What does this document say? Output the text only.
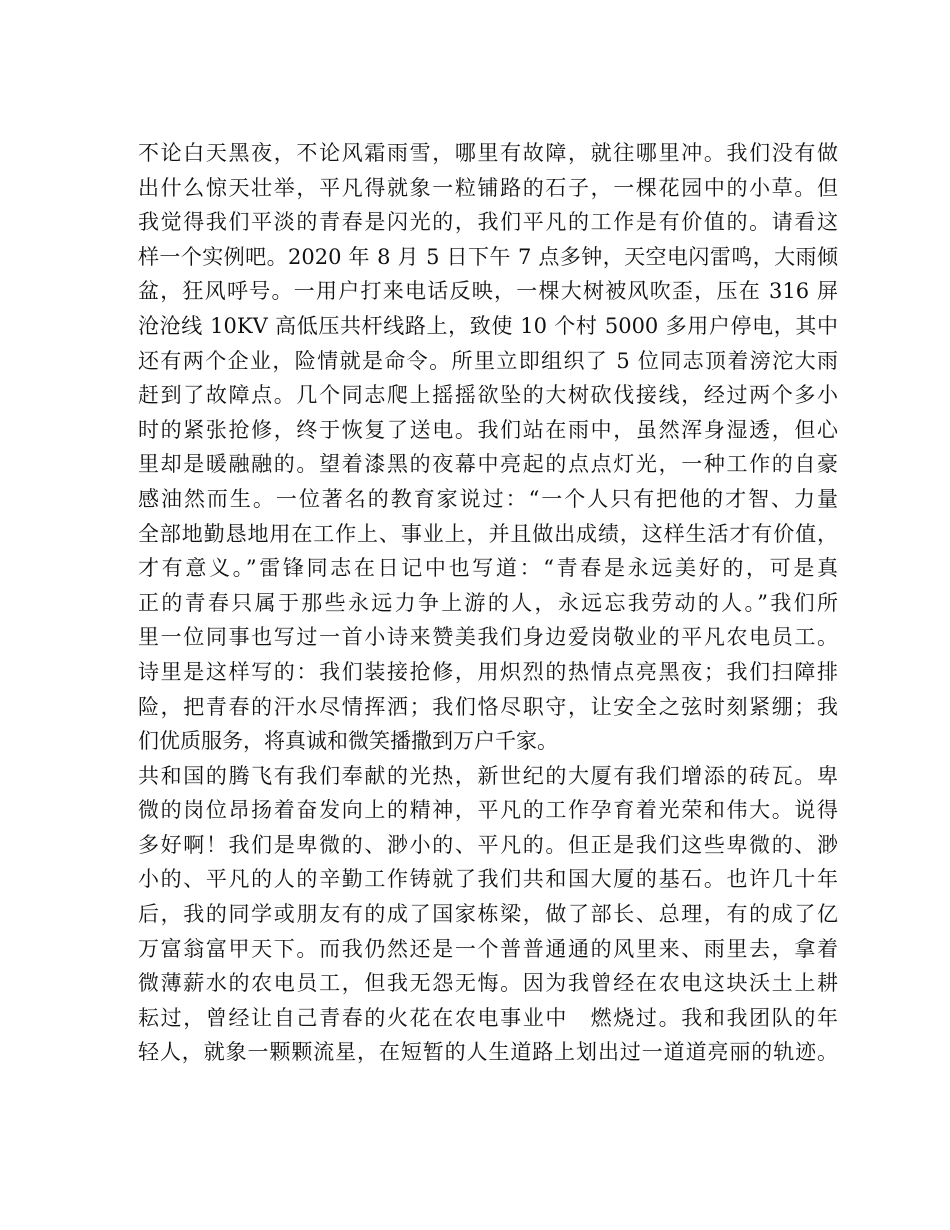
不论白天黑夜，不论风霜雨雪，哪里有故障，就往哪里冲。我们没有做
出什么惊天壮举，平凡得就象一粒铺路的石子，一棵花园中的小草。但
我觉得我们平淡的青春是闪光的，我们平凡的工作是有价值的。请看这
样一个实例吧。2020 年 8 月 5 日下午 7 点多钟，天空电闪雷鸣，大雨倾
盆，狂风呼号。一用户打来电话反映，一棵大树被风吹歪，压在 316 屏
沧沧线 10KV 高低压共杆线路上，致使 10 个村 5000 多用户停电，其中
还有两个企业，险情就是命令。所里立即组织了 5 位同志顶着滂沱大雨
赶到了故障点。几个同志爬上摇摇欲坠的大树砍伐接线，经过两个多小
时的紧张抢修，终于恢复了送电。我们站在雨中，虽然浑身湿透，但心
里却是暖融融的。望着漆黑的夜幕中亮起的点点灯光，一种工作的自豪
感油然而生。一位著名的教育家说过：“一个人只有把他的才智、力量
全部地勤恳地用在工作上、事业上，并且做出成绩，这样生活才有价值，
才有意义。”雷锋同志在日记中也写道：“青春是永远美好的，可是真
正的青春只属于那些永远力争上游的人，永远忘我劳动的人。”我们所
里一位同事也写过一首小诗来赞美我们身边爱岗敬业的平凡农电员工。
诗里是这样写的：我们装接抢修，用炽烈的热情点亮黑夜；我们扫障排
险，把青春的汗水尽情挥洒；我们恪尽职守，让安全之弦时刻紧绷；我
们优质服务，将真诚和微笑播撒到万户千家。
共和国的腾飞有我们奉献的光热，新世纪的大厦有我们增添的砖瓦。卑
微的岗位昂扬着奋发向上的精神，平凡的工作孕育着光荣和伟大。说得
多好啊！我们是卑微的、渺小的、平凡的。但正是我们这些卑微的、渺
小的、平凡的人的辛勤工作铸就了我们共和国大厦的基石。也许几十年
后，我的同学或朋友有的成了国家栋梁，做了部长、总理，有的成了亿
万富翁富甲天下。而我仍然还是一个普普通通的风里来、雨里去，拿着
微薄薪水的农电员工，但我无怨无悔。因为我曾经在农电这块沃土上耕
耘过，曾经让自己青春的火花在农电事业中　燃烧过。我和我团队的年
轻人，就象一颗颗流星，在短暂的人生道路上划出过一道道亮丽的轨迹。
